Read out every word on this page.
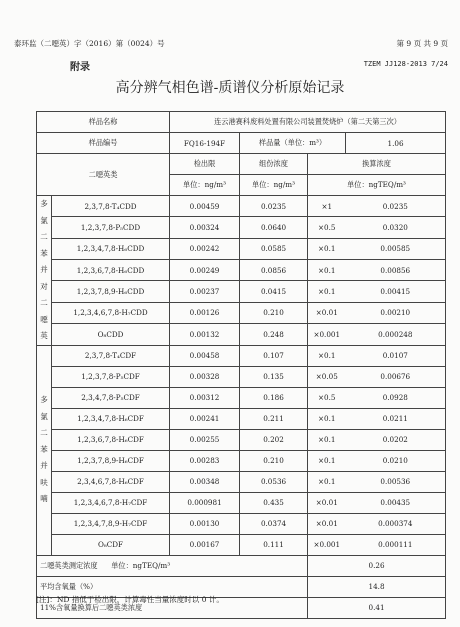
泰环监（二噁英）字（2016）第（0024）号	第 9 页 共 9 页
附录	TZEM JJ128-2013 7/24
高分辨气相色谱-质谱仪分析原始记录
样品名称		连云港赛科废料处置有限公司装置焚烧炉（第二天第三次）			
样品编号		FQ16-194F	样品量（单位：m³）		1.06
二噁英类		检出限	组份浓度	换算浓度	
		单位：ng/m³	单位：ng/m³	单位：ngTEQ/m³	
多氯二苯并对二噁英	2,3,7,8-T₄CDD	0.00459	0.0235	×1	0.0235
	1,2,3,7,8-P₅CDD	0.00324	0.0640	×0.5	0.0320
	1,2,3,4,7,8-H₆CDD	0.00242	0.0585	×0.1	0.00585
	1,2,3,6,7,8-H₆CDD	0.00249	0.0856	×0.1	0.00856
	1,2,3,7,8,9-H₆CDD	0.00237	0.0415	×0.1	0.00415
	1,2,3,4,6,7,8-H₇CDD	0.00126	0.210	×0.01	0.00210
	O₈CDD	0.00132	0.248	×0.001	0.000248
多氯二苯并呋喃	2,3,7,8-T₄CDF	0.00458	0.107	×0.1	0.0107
	1,2,3,7,8-P₅CDF	0.00328	0.135	×0.05	0.00676
	2,3,4,7,8-P₅CDF	0.00312	0.186	×0.5	0.0928
	1,2,3,4,7,8-H₆CDF	0.00241	0.211	×0.1	0.0211
	1,2,3,6,7,8-H₆CDF	0.00255	0.202	×0.1	0.0202
	1,2,3,7,8,9-H₆CDF	0.00283	0.210	×0.1	0.0210
	2,3,4,6,7,8-H₆CDF	0.00348	0.0536	×0.1	0.00536
	1,2,3,4,6,7,8-H₇CDF	0.000981	0.435	×0.01	0.00435
	1,2,3,4,7,8,9-H₇CDF	0.00130	0.0374	×0.01	0.000374
	O₈CDF	0.00167	0.111	×0.001	0.000111
二噁英类测定浓度 单位：ngTEQ/m³				0.26	
平均含氧量（%）				14.8	
11%含氧量换算后二噁英类浓度				0.41	
[注]：ND 指低于检出限，计算毒性当量浓度时以 0 计。
